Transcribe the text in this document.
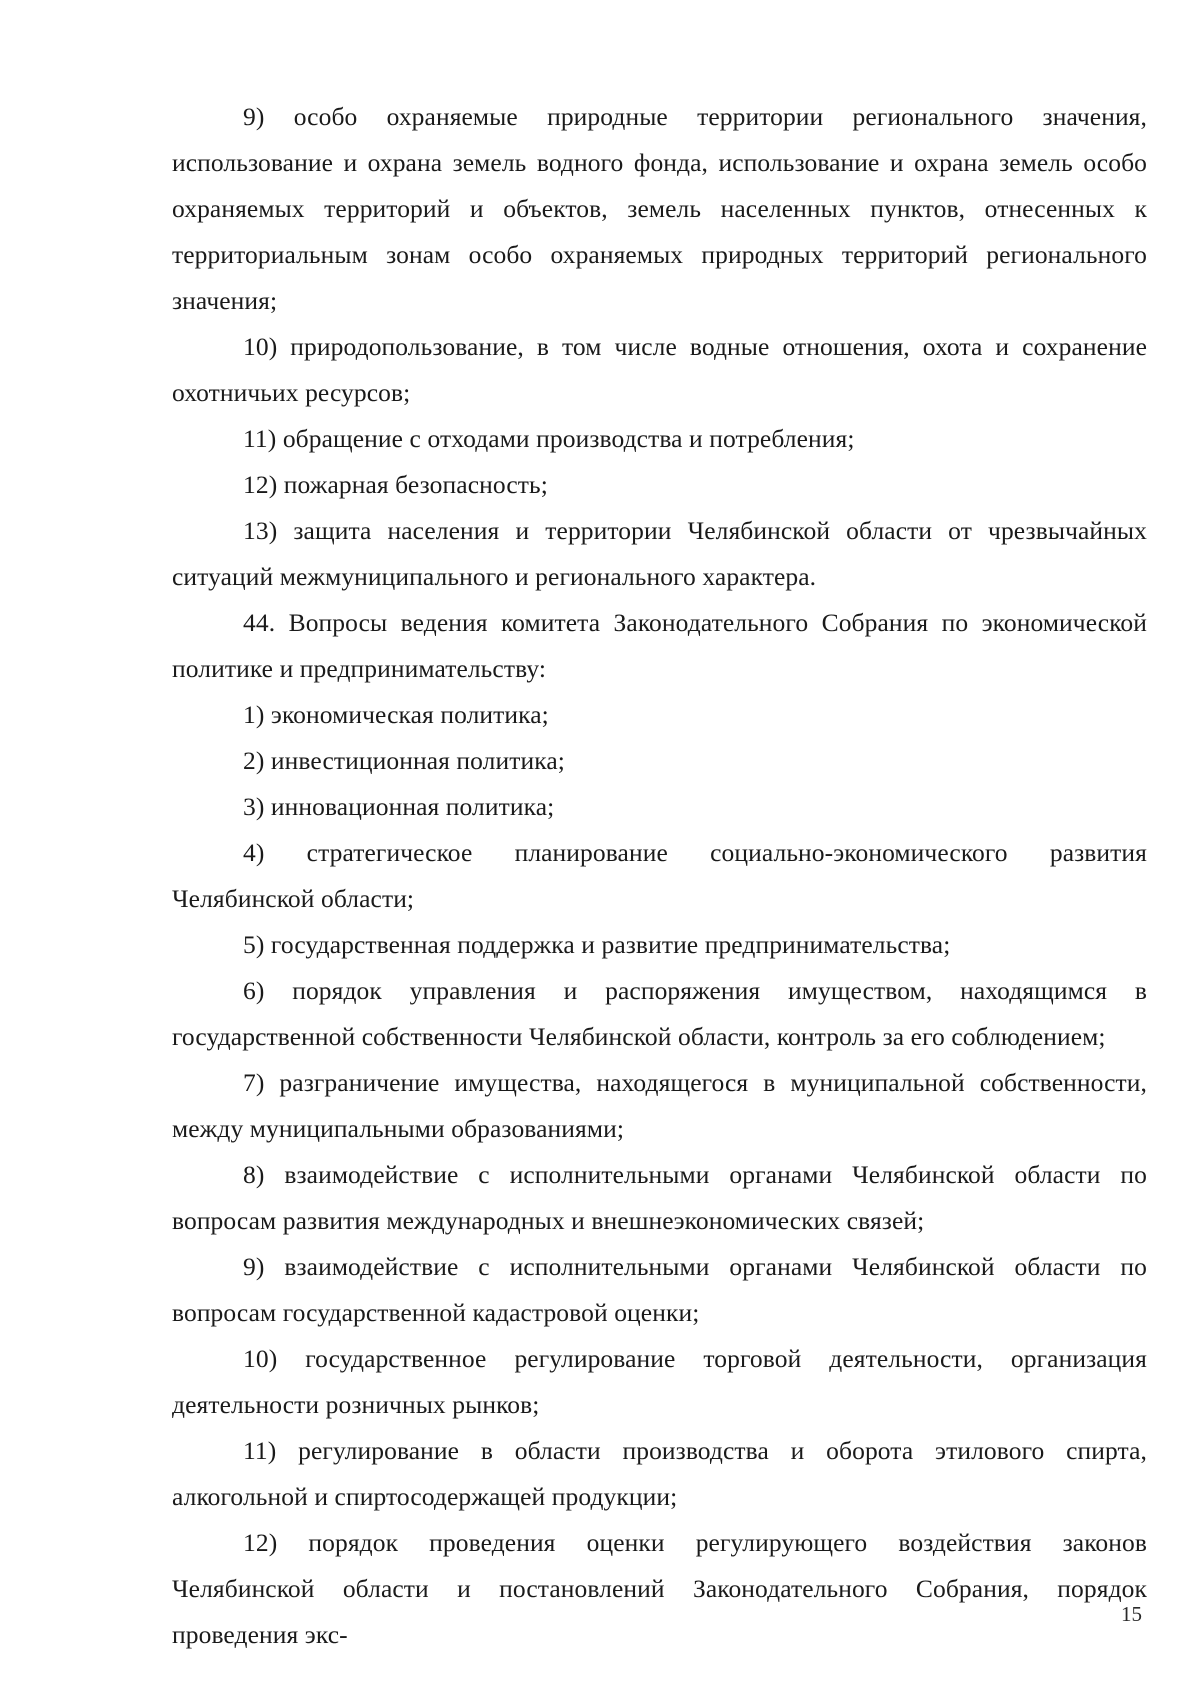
9) особо охраняемые природные территории регионального значения, использование и охрана земель водного фонда, использование и охрана земель особо охраняемых территорий и объектов, земель населенных пунктов, отнесенных к территориальным зонам особо охраняемых природных территорий регионального значения;

10) природопользование, в том числе водные отношения, охота и сохранение охотничьих ресурсов;

11) обращение с отходами производства и потребления;

12) пожарная безопасность;

13) защита населения и территории Челябинской области от чрезвычайных ситуаций межмуниципального и регионального характера.

44. Вопросы ведения комитета Законодательного Собрания по экономической политике и предпринимательству:

1) экономическая политика;

2) инвестиционная политика;

3) инновационная политика;

4) стратегическое планирование социально-экономического развития Челябинской области;

5) государственная поддержка и развитие предпринимательства;

6) порядок управления и распоряжения имуществом, находящимся в государственной собственности Челябинской области, контроль за его соблюдением;

7) разграничение имущества, находящегося в муниципальной собственности, между муниципальными образованиями;

8) взаимодействие с исполнительными органами Челябинской области по вопросам развития международных и внешнеэкономических связей;

9) взаимодействие с исполнительными органами Челябинской области по вопросам государственной кадастровой оценки;

10) государственное регулирование торговой деятельности, организация деятельности розничных рынков;

11) регулирование в области производства и оборота этилового спирта, алкогольной и спиртосодержащей продукции;

12) порядок проведения оценки регулирующего воздействия законов Челябинской области и постановлений Законодательного Собрания, порядок проведения экс-

15
